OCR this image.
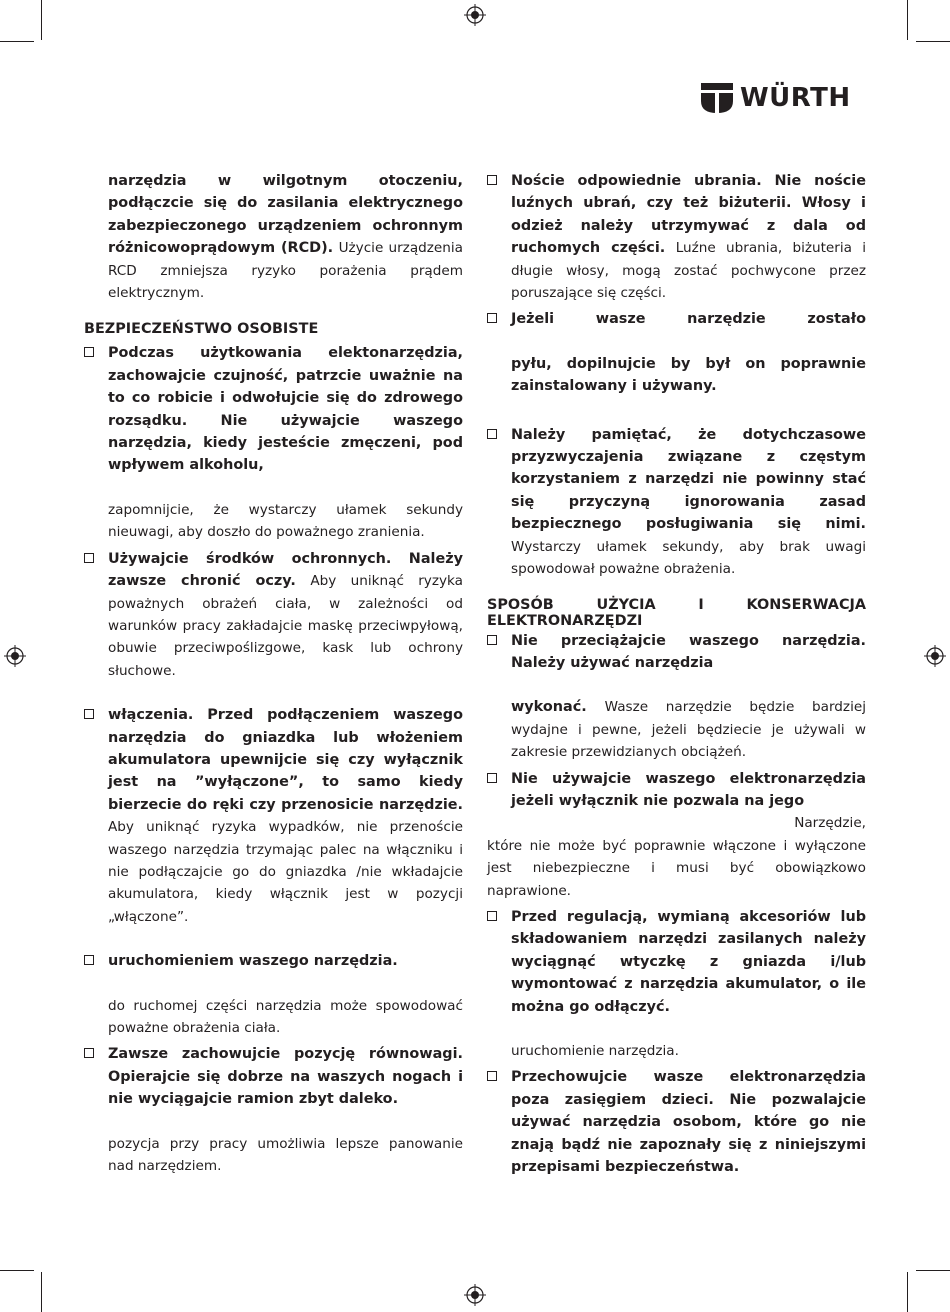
WÜRTH

narzędzia w wilgotnym otoczeniu, podłączcie się do zasilania elektrycznego zabezpieczonego urządzeniem ochronnym różnicowoprądowym (RCD). Użycie urządzenia RCD zmniejsza ryzyko porażenia prądem elektrycznym.

BEZPIECZEŃSTWO OSOBISTE

Podczas użytkowania elektonarzędzia, zachowajcie czujność, patrzcie uważnie na to co robicie i odwołujcie się do zdrowego rozsądku. Nie używajcie waszego narzędzia, kiedy jesteście zmęczeni, pod wpływem alkoholu,

zapomnijcie, że wystarczy ułamek sekundy nieuwagi, aby doszło do poważnego zranienia.

Używajcie środków ochronnych. Należy zawsze chronić oczy. Aby uniknąć ryzyka poważnych obrażeń ciała, w zależności od warunków pracy zakładajcie maskę przeciwpyłową, obuwie przeciwpoślizgowe, kask lub ochrony słuchowe.

włączenia. Przed podłączeniem waszego narzędzia do gniazdka lub włożeniem akumulatora upewnijcie się czy wyłącznik jest na ”wyłączone”, to samo kiedy bierzecie do ręki czy przenosicie narzędzie. Aby uniknąć ryzyka wypadków, nie przenoście waszego narzędzia trzymając palec na włączniku i nie podłączajcie go do gniazdka /nie wkładajcie akumulatora, kiedy włącznik jest w pozycji „włączone”.

uruchomieniem waszego narzędzia.

do ruchomej części narzędzia może spowodować poważne obrażenia ciała.

Zawsze zachowujcie pozycję równowagi. Opierajcie się dobrze na waszych nogach i nie wyciągajcie ramion zbyt daleko.

pozycja przy pracy umożliwia lepsze panowanie nad narzędziem.

Noście odpowiednie ubrania. Nie noście luźnych ubrań, czy też biżuterii. Włosy i odzież należy utrzymywać z dala od ruchomych części. Luźne ubrania, biżuteria i długie włosy, mogą zostać pochwycone przez poruszające się części.

Jeżeli wasze narzędzie zostało

pyłu, dopilnujcie by był on poprawnie zainstalowany i używany.

Należy pamiętać, że dotychczasowe przyzwyczajenia związane z częstym korzystaniem z narzędzi nie powinny stać się przyczyną ignorowania zasad bezpiecznego posługiwania się nimi. Wystarczy ułamek sekundy, aby brak uwagi spowodował poważne obrażenia.

SPOSÓB UŻYCIA I KONSERWACJA ELEKTRONARZĘDZI

Nie przeciążajcie waszego narzędzia. Należy używać narzędzia

wykonać. Wasze narzędzie będzie bardziej wydajne i pewne, jeżeli będziecie je używali w zakresie przewidzianych obciążeń.

Nie używajcie waszego elektronarzędzia jeżeli wyłącznik nie pozwala na jego

Narzędzie,

które nie może być poprawnie włączone i wyłączone jest niebezpieczne i musi być obowiązkowo naprawione.

Przed regulacją, wymianą akcesoriów lub składowaniem narzędzi zasilanych należy wyciągnąć wtyczkę z gniazda i/lub wymontować z narzędzia akumulator, o ile można go odłączyć.

uruchomienie narzędzia.

Przechowujcie wasze elektronarzędzia poza zasięgiem dzieci. Nie pozwalajcie używać narzędzia osobom, które go nie znają bądź nie zapoznały się z niniejszymi przepisami bezpieczeństwa.
